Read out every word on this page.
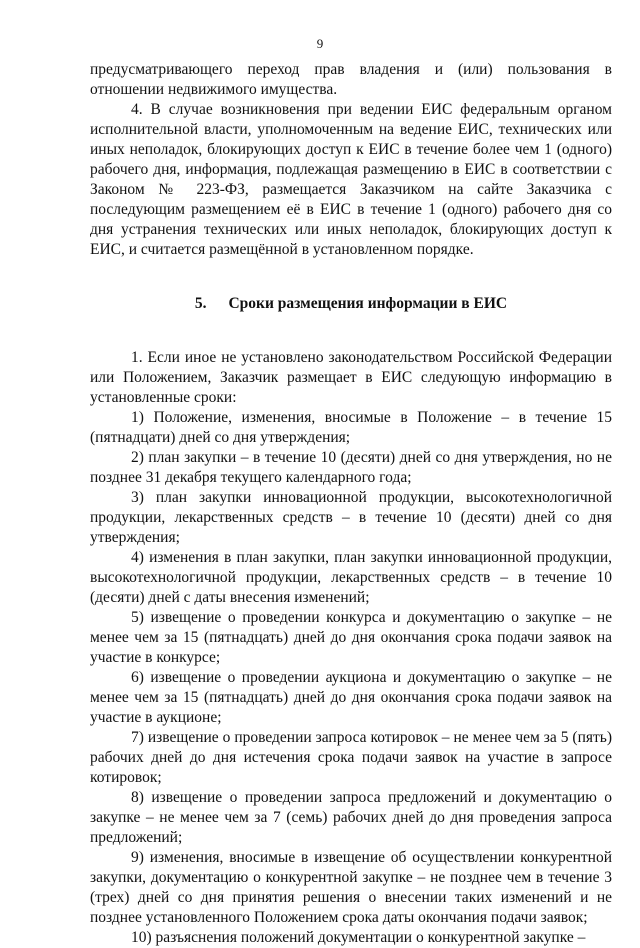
9

предусматривающего переход прав владения и (или) пользования в отношении недвижимого имущества.

4. В случае возникновения при ведении ЕИС федеральным органом исполнительной власти, уполномоченным на ведение ЕИС, технических или иных неполадок, блокирующих доступ к ЕИС в течение более чем 1 (одного) рабочего дня, информация, подлежащая размещению в ЕИС в соответствии с Законом № 223-ФЗ, размещается Заказчиком на сайте Заказчика с последующим размещением её в ЕИС в течение 1 (одного) рабочего дня со дня устранения технических или иных неполадок, блокирующих доступ к ЕИС, и считается размещённой в установленном порядке.

5. Сроки размещения информации в ЕИС

1. Если иное не установлено законодательством Российской Федерации или Положением, Заказчик размещает в ЕИС следующую информацию в установленные сроки:

1) Положение, изменения, вносимые в Положение – в течение 15 (пятнадцати) дней со дня утверждения;

2) план закупки – в течение 10 (десяти) дней со дня утверждения, но не позднее 31 декабря текущего календарного года;

3) план закупки инновационной продукции, высокотехнологичной продукции, лекарственных средств – в течение 10 (десяти) дней со дня утверждения;

4) изменения в план закупки, план закупки инновационной продукции, высокотехнологичной продукции, лекарственных средств – в течение 10 (десяти) дней с даты внесения изменений;

5) извещение о проведении конкурса и документацию о закупке – не менее чем за 15 (пятнадцать) дней до дня окончания срока подачи заявок на участие в конкурсе;

6) извещение о проведении аукциона и документацию о закупке – не менее чем за 15 (пятнадцать) дней до дня окончания срока подачи заявок на участие в аукционе;

7) извещение о проведении запроса котировок – не менее чем за 5 (пять) рабочих дней до дня истечения срока подачи заявок на участие в запросе котировок;

8) извещение о проведении запроса предложений и документацию о закупке – не менее чем за 7 (семь) рабочих дней до дня проведения запроса предложений;

9) изменения, вносимые в извещение об осуществлении конкурентной закупки, документацию о конкурентной закупке – не позднее чем в течение 3 (трех) дней со дня принятия решения о внесении таких изменений и не позднее установленного Положением срока даты окончания подачи заявок;

10) разъяснения положений документации о конкурентной закупке –
